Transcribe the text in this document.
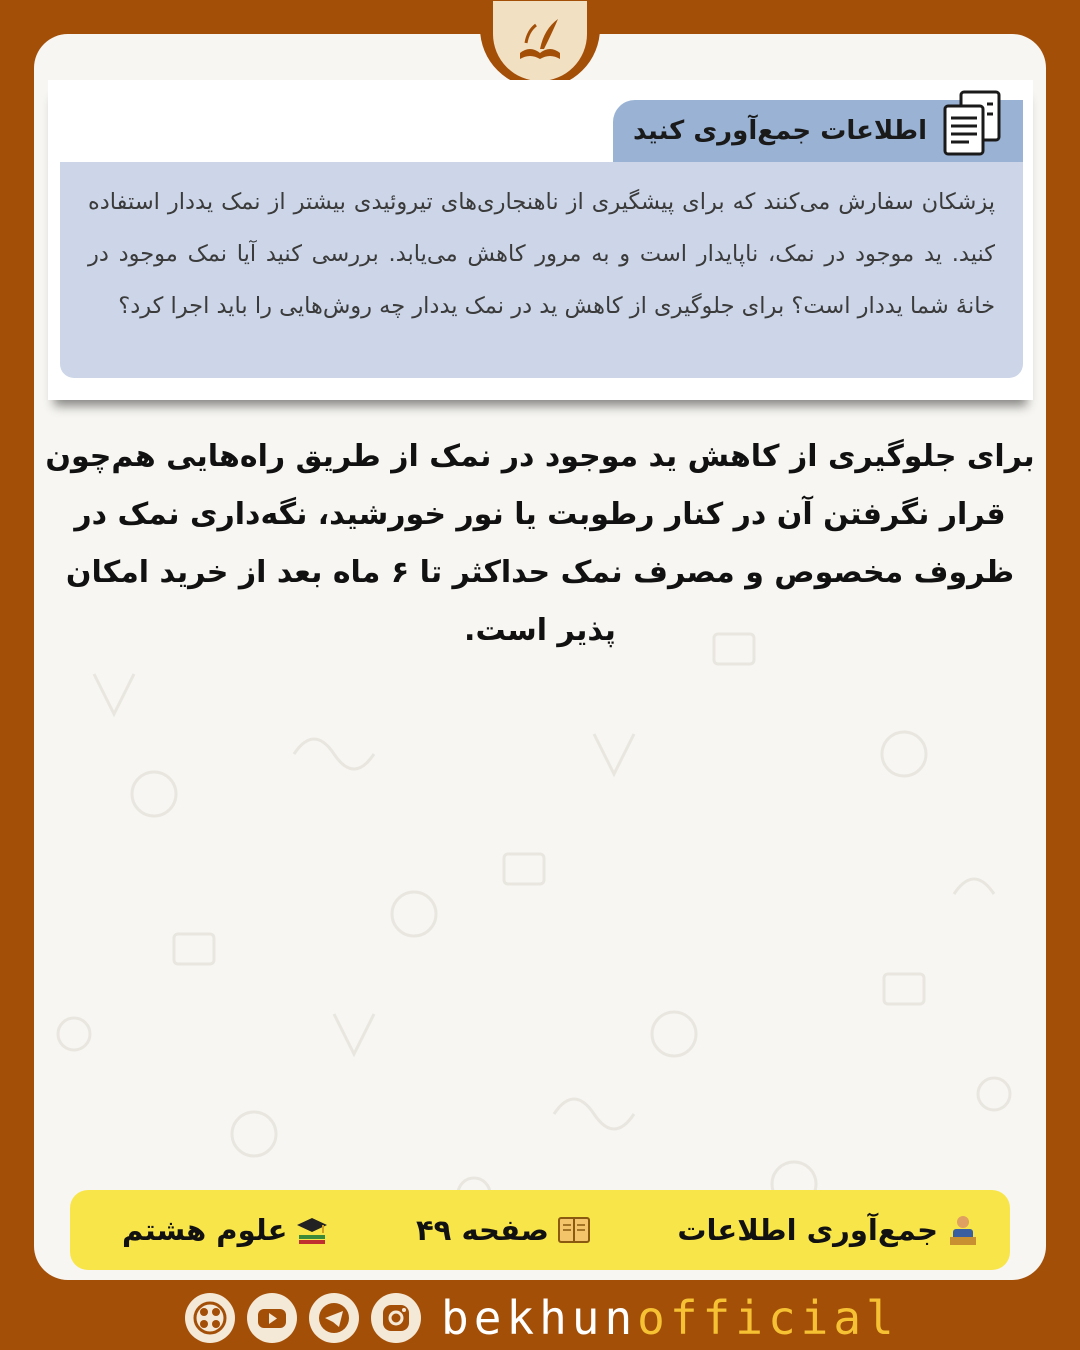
اطلاعات جمع‌آوری کنید

پزشکان سفارش می‌کنند که برای پیشگیری از ناهنجاری‌های تیروئیدی بیشتر از نمک یددار استفاده کنید. ید موجود در نمک، ناپایدار است و به مرور کاهش می‌یابد. بررسی کنید آیا نمک موجود در خانهٔ شما یددار است؟ برای جلوگیری از کاهش ید در نمک یددار چه روش‌هایی را باید اجرا کرد؟

برای جلوگیری از کاهش ید موجود در نمک از طریق راه‌هایی هم‌چون قرار نگرفتن آن در کنار رطوبت یا نور خورشید، نگه‌داری نمک در ظروف مخصوص و مصرف نمک حداکثر تا ۶ ماه بعد از خرید امکان پذیر است.

جمع‌آوری اطلاعات
صفحه ۴۹
علوم هشتم
bekhunofficial
